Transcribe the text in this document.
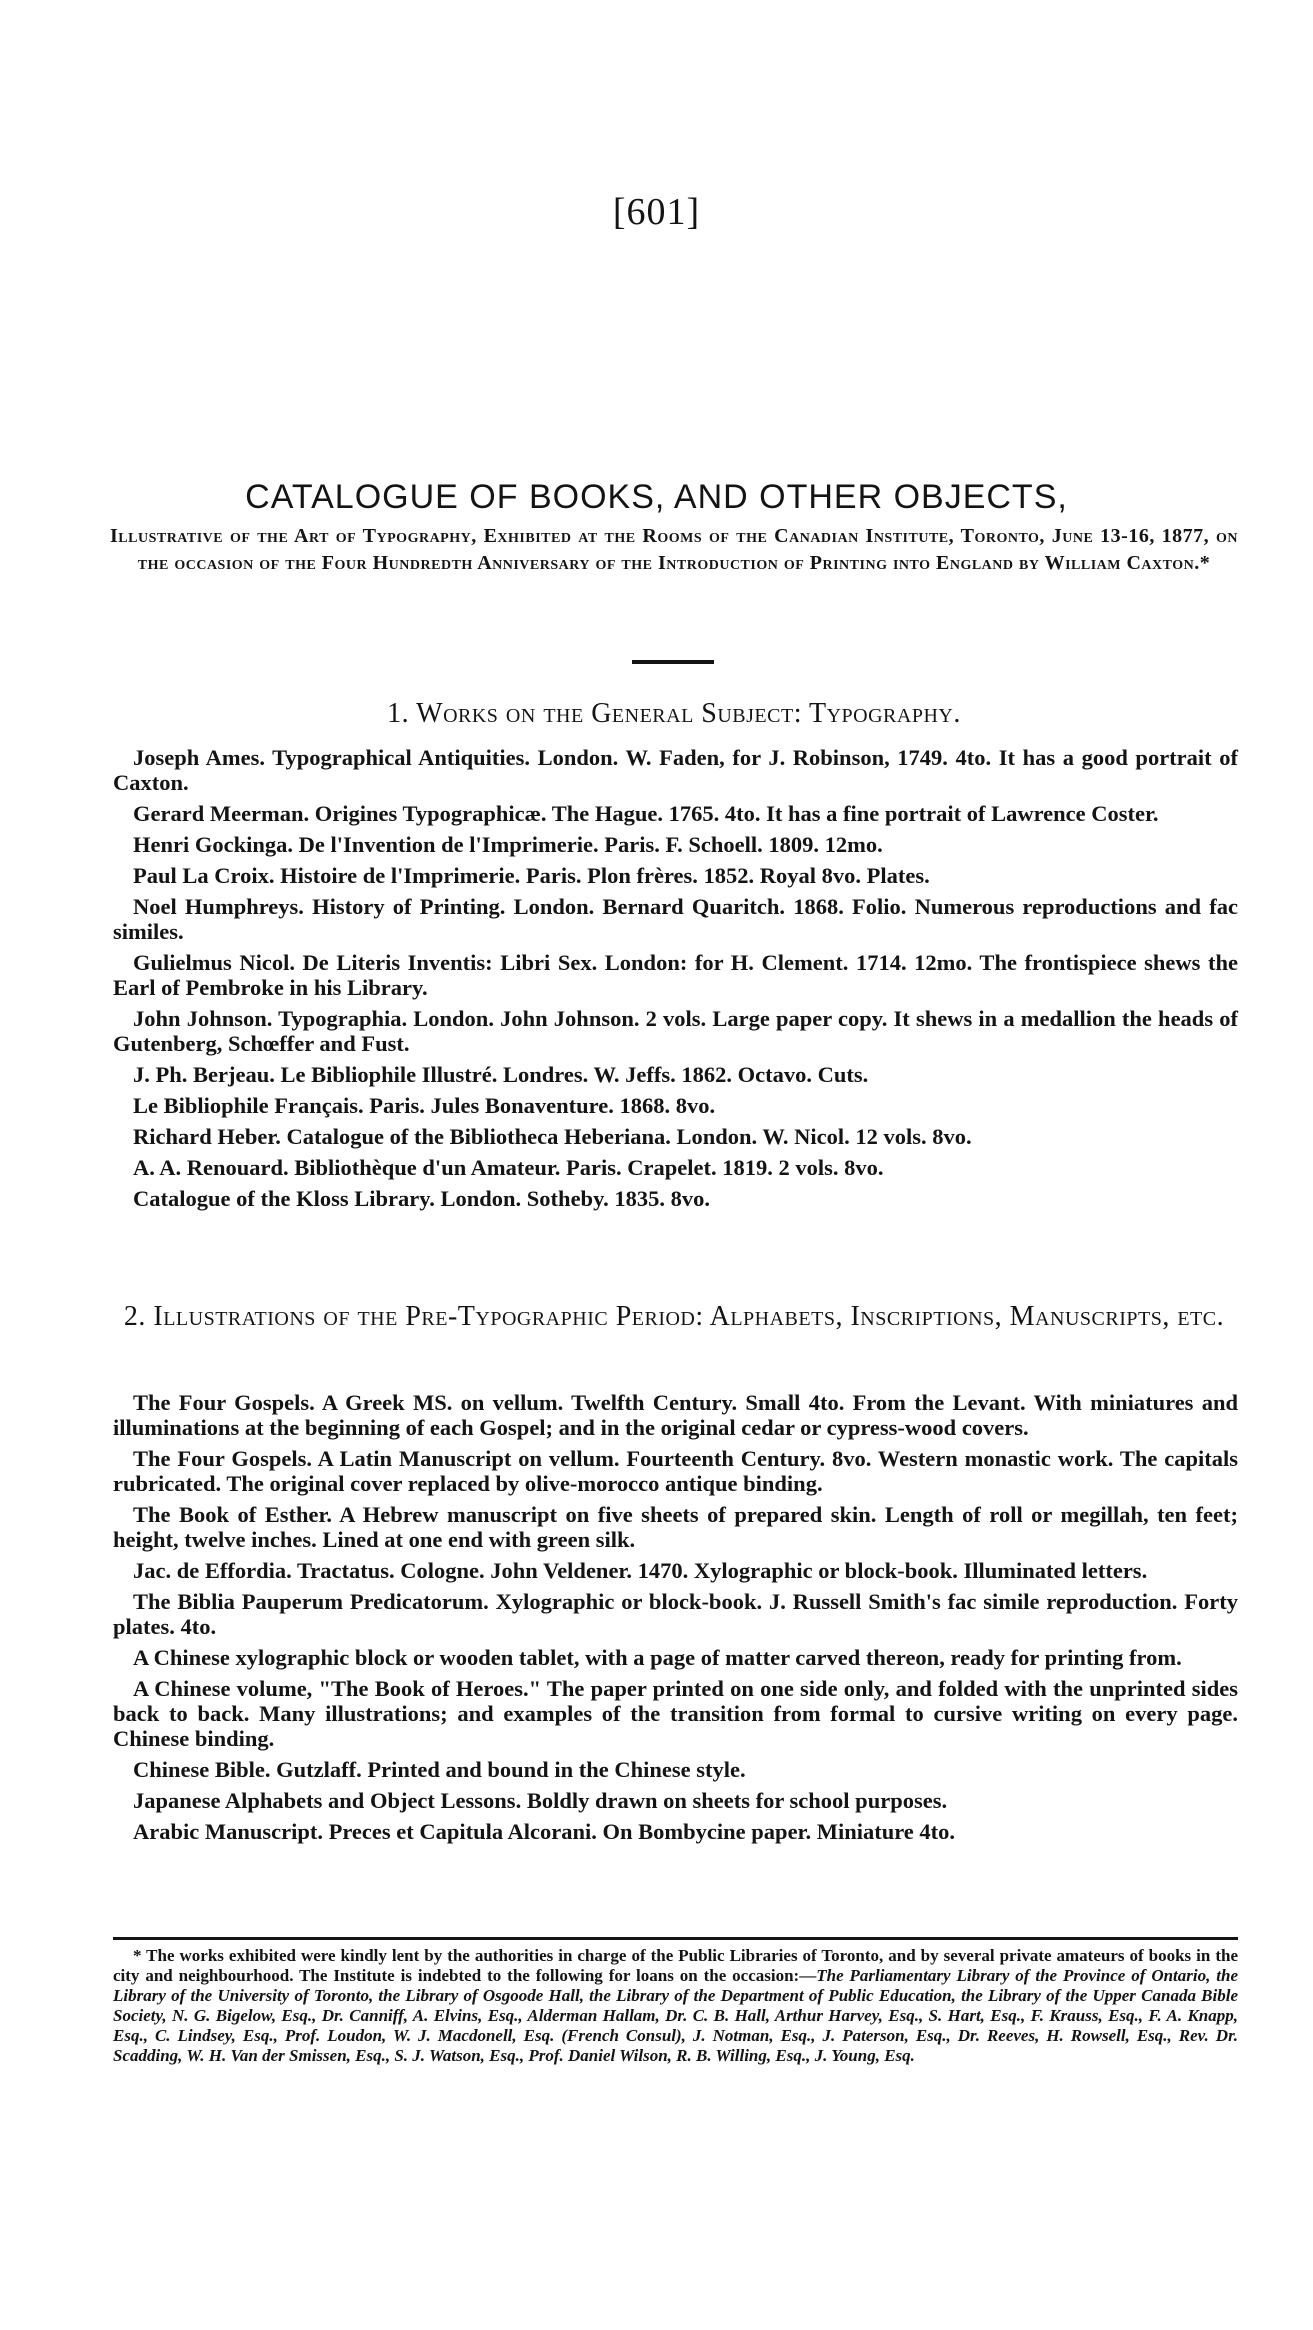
[601]
CATALOGUE OF BOOKS, AND OTHER OBJECTS,
Illustrative of the Art of Typography, Exhibited at the Rooms of the Canadian Institute, Toronto, June 13-16, 1877, on the occasion of the Four Hundredth Anniversary of the Introduction of Printing into England by William Caxton.*
1. Works on the General Subject: Typography.

Joseph Ames. Typographical Antiquities. London. W. Faden, for J. Robinson, 1749. 4to. It has a good portrait of Caxton.

Gerard Meerman. Origines Typographicæ. The Hague. 1765. 4to. It has a fine portrait of Lawrence Coster.

Henri Gockinga. De l'Invention de l'Imprimerie. Paris. F. Schoell. 1809. 12mo.

Paul La Croix. Histoire de l'Imprimerie. Paris. Plon frères. 1852. Royal 8vo. Plates.

Noel Humphreys. History of Printing. London. Bernard Quaritch. 1868. Folio. Numerous reproductions and fac similes.

Gulielmus Nicol. De Literis Inventis: Libri Sex. London: for H. Clement. 1714. 12mo. The frontispiece shews the Earl of Pembroke in his Library.

John Johnson. Typographia. London. John Johnson. 2 vols. Large paper copy. It shews in a medallion the heads of Gutenberg, Schœffer and Fust.

J. Ph. Berjeau. Le Bibliophile Illustré. Londres. W. Jeffs. 1862. Octavo. Cuts.

Le Bibliophile Français. Paris. Jules Bonaventure. 1868. 8vo.

Richard Heber. Catalogue of the Bibliotheca Heberiana. London. W. Nicol. 12 vols. 8vo.

A. A. Renouard. Bibliothèque d'un Amateur. Paris. Crapelet. 1819. 2 vols. 8vo.

Catalogue of the Kloss Library. London. Sotheby. 1835. 8vo.

2. Illustrations of the Pre-Typographic Period: Alphabets, Inscriptions, Manuscripts, etc.

The Four Gospels. A Greek MS. on vellum. Twelfth Century. Small 4to. From the Levant. With miniatures and illuminations at the beginning of each Gospel; and in the original cedar or cypress-wood covers.

The Four Gospels. A Latin Manuscript on vellum. Fourteenth Century. 8vo. Western monastic work. The capitals rubricated. The original cover replaced by olive-morocco antique binding.

The Book of Esther. A Hebrew manuscript on five sheets of prepared skin. Length of roll or megillah, ten feet; height, twelve inches. Lined at one end with green silk.

Jac. de Effordia. Tractatus. Cologne. John Veldener. 1470. Xylographic or block-book. Illuminated letters.

The Biblia Pauperum Predicatorum. Xylographic or block-book. J. Russell Smith's fac simile reproduction. Forty plates. 4to.

A Chinese xylographic block or wooden tablet, with a page of matter carved thereon, ready for printing from.

A Chinese volume, "The Book of Heroes." The paper printed on one side only, and folded with the unprinted sides back to back. Many illustrations; and examples of the transition from formal to cursive writing on every page. Chinese binding.

Chinese Bible. Gutzlaff. Printed and bound in the Chinese style.

Japanese Alphabets and Object Lessons. Boldly drawn on sheets for school purposes.

Arabic Manuscript. Preces et Capitula Alcorani. On Bombycine paper. Miniature 4to.

* The works exhibited were kindly lent by the authorities in charge of the Public Libraries of Toronto, and by several private amateurs of books in the city and neighbourhood. The Institute is indebted to the following for loans on the occasion:—The Parliamentary Library of the Province of Ontario, the Library of the University of Toronto, the Library of Osgoode Hall, the Library of the Department of Public Education, the Library of the Upper Canada Bible Society, N. G. Bigelow, Esq., Dr. Canniff, A. Elvins, Esq., Alderman Hallam, Dr. C. B. Hall, Arthur Harvey, Esq., S. Hart, Esq., F. Krauss, Esq., F. A. Knapp, Esq., C. Lindsey, Esq., Prof. Loudon, W. J. Macdonell, Esq. (French Consul), J. Notman, Esq., J. Paterson, Esq., Dr. Reeves, H. Rowsell, Esq., Rev. Dr. Scadding, W. H. Van der Smissen, Esq., S. J. Watson, Esq., Prof. Daniel Wilson, R. B. Willing, Esq., J. Young, Esq.
